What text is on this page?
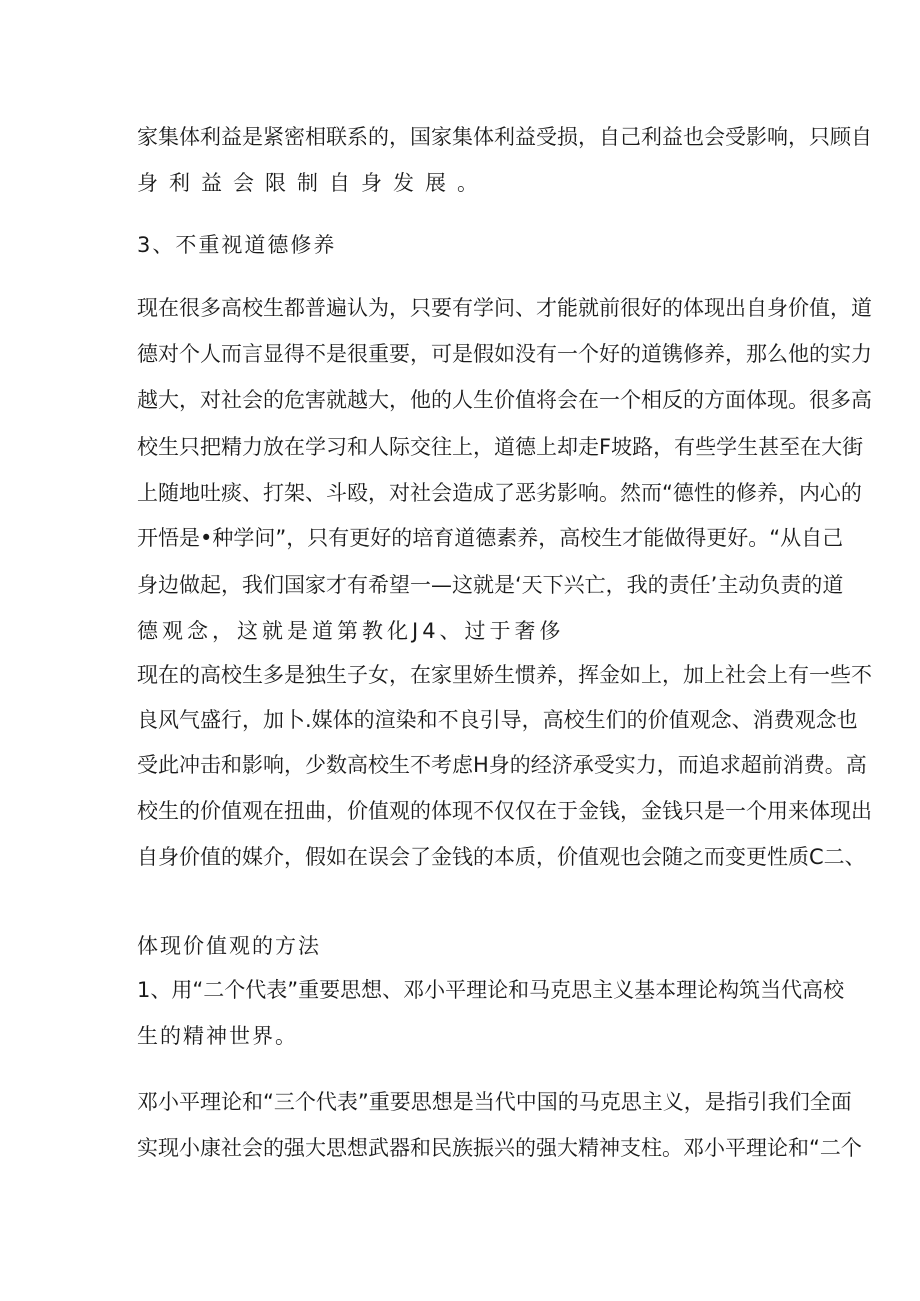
家集体利益是紧密相联系的，国家集体利益受损，自己利益也会受影响，只顾自
身利益会限制自身发展。
3、不重视道德修养
现在很多高校生都普遍认为，只要有学问、才能就前很好的体现出自身价值，道
德对个人而言显得不是很重要，可是假如没有一个好的道镌修养，那么他的实力
越大，对社会的危害就越大，他的人生价值将会在一个相反的方面体现。很多高
校生只把精力放在学习和人际交往上，道德上却走F坡路，有些学生甚至在大街
上随地吐痰、打架、斗殴，对社会造成了恶劣影响。然而“德性的修养，内心的
开悟是•种学问”，只有更好的培育道德素养，高校生才能做得更好。“从自己
身边做起，我们国家才有希望一—这就是‘天下兴亡，我的责任’主动负责的道
德观念，这就是道第教化J4、过于奢侈
现在的高校生多是独生子女，在家里娇生惯养，挥金如上，加上社会上有一些不
良风气盛行，加卜.媒体的渲染和不良引导，高校生们的价值观念、消费观念也
受此冲击和影响，少数高校生不考虑H身的经济承受实力，而追求超前消费。高
校生的价值观在扭曲，价值观的体现不仅仅在于金钱，金钱只是一个用来体现出
自身价值的媒介，假如在误会了金钱的本质，价值观也会随之而变更性质C二、
体现价值观的方法
1、用“二个代表”重要思想、邓小平理论和马克思主义基本理论构筑当代高校
生的精神世界。
邓小平理论和“三个代表”重要思想是当代中国的马克思主义，是指引我们全面
实现小康社会的强大思想武器和民族振兴的强大精神支柱。邓小平理论和“二个
